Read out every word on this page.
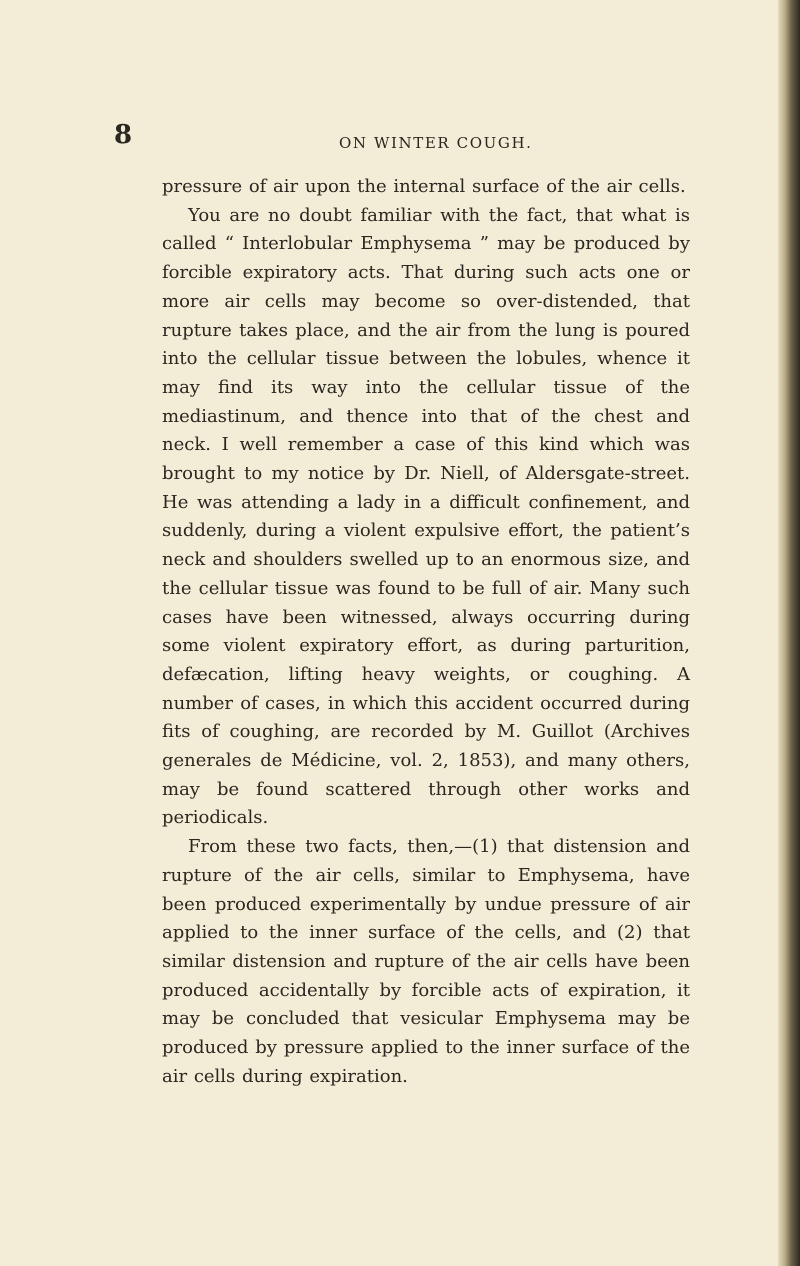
8	ON WINTER COUGH.

pressure of air upon the internal surface of the air cells.

You are no doubt familiar with the fact, that what is called “ Interlobular Emphysema ” may be produced by forcible expiratory acts. That during such acts one or more air cells may become so over-distended, that rupture takes place, and the air from the lung is poured into the cellular tissue between the lobules, whence it may find its way into the cellular tissue of the mediastinum, and thence into that of the chest and neck. I well remember a case of this kind which was brought to my notice by Dr. Niell, of Aldersgate-street. He was attending a lady in a difficult confinement, and suddenly, during a violent expulsive effort, the patient’s neck and shoulders swelled up to an enormous size, and the cellular tissue was found to be full of air. Many such cases have been witnessed, always occurring during some violent expiratory effort, as during parturition, defæcation, lifting heavy weights, or coughing. A number of cases, in which this accident occurred during fits of coughing, are recorded by M. Guillot (Archives generales de Médicine, vol. 2, 1853), and many others, may be found scattered through other works and periodicals.

From these two facts, then,—(1) that distension and rupture of the air cells, similar to Emphysema, have been produced experimentally by undue pressure of air applied to the inner surface of the cells, and (2) that similar distension and rupture of the air cells have been produced accidentally by forcible acts of expiration, it may be concluded that vesicular Emphysema may be produced by pressure applied to the inner surface of the air cells during expiration.
